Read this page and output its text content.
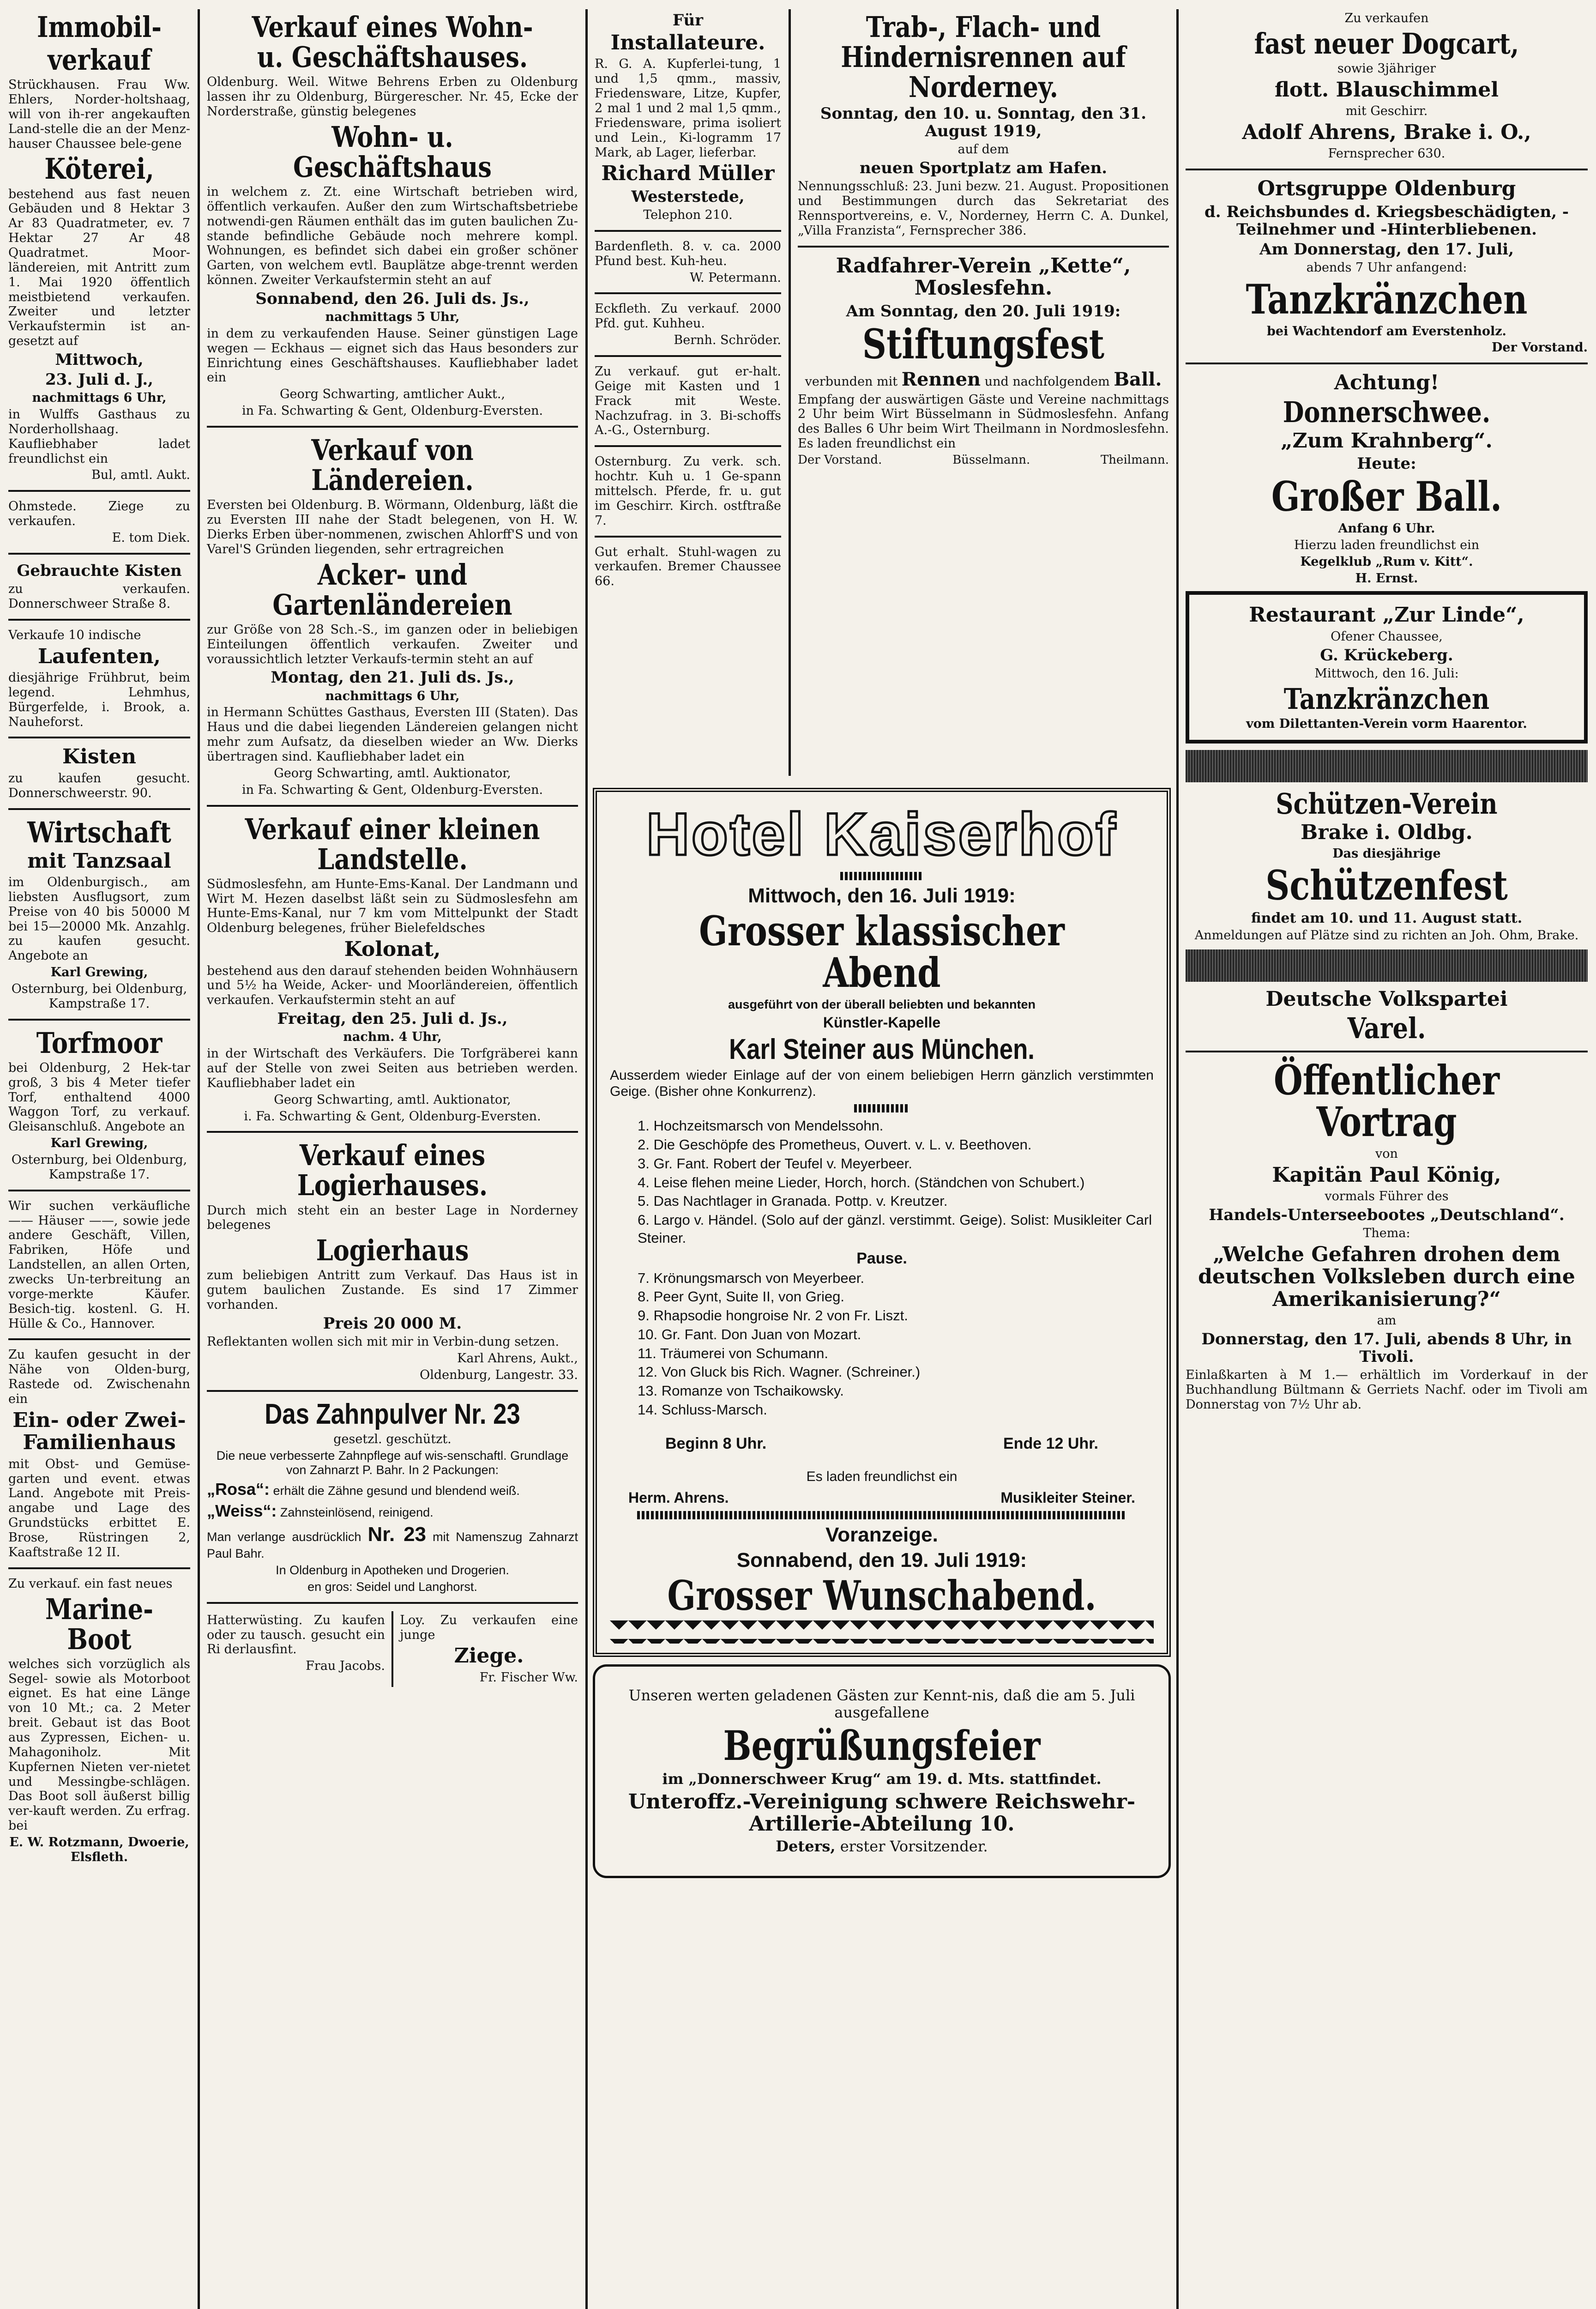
Immobil-
verkauf

Strückhausen. Frau Ww. Ehlers, Norder-holtshaag, will von ih-rer angekauften Land-stelle die an der Menz-hauser Chaussee bele-gene

Köterei,

bestehend aus fast neuen Gebäuden und 8 Hektar 3 Ar 83 Quadratmeter, ev. 7 Hektar 27 Ar 48 Quadratmet. Moor-ländereien, mit Antritt zum 1. Mai 1920 öffentlich meistbietend verkaufen. Zweiter und letzter Verkaufstermin ist an-gesetzt auf

Mittwoch,
23. Juli d. J.,

nachmittags 6 Uhr,

in Wulffs Gasthaus zu Norderhollshaag. Kaufliebhaber ladet freundlichst ein

Bul, amtl. Aukt.

Ohmstede. Ziege zu verkaufen.

E. tom Diek.

Gebrauchte Kisten

zu verkaufen. Donnerschweer Straße 8.

Verkaufe 10 indische

Laufenten,

diesjährige Frühbrut, beim legend. Lehmhus, Bürgerfelde, i. Brook, a. Nauheforst.

Kisten

zu kaufen gesucht. Donnerschweerstr. 90.

Wirtschaft
mit Tanzsaal

im Oldenburgisch., am liebsten Ausflugsort, zum Preise von 40 bis 50000 M bei 15—20000 Mk. Anzahlg. zu kaufen gesucht. Angebote an

Karl Grewing,

Osternburg, bei Oldenburg, Kampstraße 17.

Torfmoor

bei Oldenburg, 2 Hek-tar groß, 3 bis 4 Meter tiefer Torf, enthaltend 4000 Waggon Torf, zu verkauf. Gleisanschluß. Angebote an

Karl Grewing,

Osternburg, bei Oldenburg, Kampstraße 17.

Wir suchen verkäufliche —— Häuser ——, sowie jede andere Geschäft, Villen, Fabriken, Höfe und Landstellen, an allen Orten, zwecks Un-terbreitung an vorge-merkte Käufer. Besich-tig. kostenl. G. H. Hülle & Co., Hannover.

Zu kaufen gesucht in der Nähe von Olden-burg, Rastede od. Zwischenahn ein

Ein- oder Zwei-Familienhaus

mit Obst- und Gemüse-garten und event. etwas Land. Angebote mit Preis-angabe und Lage des Grundstücks erbittet E. Brose, Rüstringen 2, Kaaftstraße 12 II.

Zu verkauf. ein fast neues

Marine-Boot

welches sich vorzüglich als Segel- sowie als Motorboot eignet. Es hat eine Länge von 10 Mt.; ca. 2 Meter breit. Gebaut ist das Boot aus Zypressen, Eichen- u. Mahagoniholz. Mit Kupfernen Nieten ver-nietet und Messingbe-schlägen. Das Boot soll äußerst billig ver-kauft werden. Zu erfrag. bei

E. W. Rotzmann, Dwoerie, Elsfleth.

Verkauf eines Wohn- u. Geschäftshauses.

Oldenburg. Weil. Witwe Behrens Erben zu Oldenburg lassen ihr zu Oldenburg, Bürgerescher. Nr. 45, Ecke der Norderstraße, günstig belegenes

Wohn- u. Geschäftshaus

in welchem z. Zt. eine Wirtschaft betrieben wird, öffentlich verkaufen. Außer den zum Wirtschaftsbetriebe notwendi-gen Räumen enthält das im guten baulichen Zu-stande befindliche Gebäude noch mehrere kompl. Wohnungen, es befindet sich dabei ein großer schöner Garten, von welchem evtl. Bauplätze abge-trennt werden können. Zweiter Verkaufstermin steht an auf

Sonnabend, den 26. Juli ds. Js.,

nachmittags 5 Uhr,

in dem zu verkaufenden Hause. Seiner günstigen Lage wegen — Eckhaus — eignet sich das Haus besonders zur Einrichtung eines Geschäftshauses. Kaufliebhaber ladet ein

Georg Schwarting, amtlicher Aukt.,

in Fa. Schwarting & Gent, Oldenburg-Eversten.

Verkauf von Ländereien.

Eversten bei Oldenburg. B. Wörmann, Oldenburg, läßt die zu Eversten III nahe der Stadt belegenen, von H. W. Dierks Erben über-nommenen, zwischen Ahlorff'S und von Varel'S Gründen liegenden, sehr ertragreichen

Acker- und Gartenländereien

zur Größe von 28 Sch.-S., im ganzen oder in beliebigen Einteilungen öffentlich verkaufen. Zweiter und voraussichtlich letzter Verkaufs-termin steht an auf

Montag, den 21. Juli ds. Js.,

nachmittags 6 Uhr,

in Hermann Schüttes Gasthaus, Eversten III (Staten). Das Haus und die dabei liegenden Ländereien gelangen nicht mehr zum Aufsatz, da dieselben wieder an Ww. Dierks übertragen sind. Kaufliebhaber ladet ein

Georg Schwarting, amtl. Auktionator,

in Fa. Schwarting & Gent, Oldenburg-Eversten.

Verkauf einer kleinen Landstelle.

Südmoslesfehn, am Hunte-Ems-Kanal. Der Landmann und Wirt M. Hezen daselbst läßt sein zu Südmoslesfehn am Hunte-Ems-Kanal, nur 7 km vom Mittelpunkt der Stadt Oldenburg belegenes, früher Bielefeldsches

Kolonat,

bestehend aus den darauf stehenden beiden Wohnhäusern und 5½ ha Weide, Acker- und Moorländereien, öffentlich verkaufen. Verkaufstermin steht an auf

Freitag, den 25. Juli d. Js.,

nachm. 4 Uhr,

in der Wirtschaft des Verkäufers. Die Torfgräberei kann auf der Stelle von zwei Seiten aus betrieben werden. Kaufliebhaber ladet ein

Georg Schwarting, amtl. Auktionator,

i. Fa. Schwarting & Gent, Oldenburg-Eversten.

Verkauf eines Logierhauses.

Durch mich steht ein an bester Lage in Norderney belegenes

Logierhaus

zum beliebigen Antritt zum Verkauf. Das Haus ist in gutem baulichen Zustande. Es sind 17 Zimmer vorhanden.

Preis 20 000 M.

Reflektanten wollen sich mit mir in Verbin-dung setzen.

Karl Ahrens, Aukt.,

Oldenburg, Langestr. 33.

Das Zahnpulver Nr. 23

gesetzl. geschützt.

Die neue verbesserte Zahnpflege auf wis-senschaftl. Grundlage von Zahnarzt P. Bahr. In 2 Packungen:

„Rosa“: erhält die Zähne gesund und blendend weiß.

„Weiss“: Zahnsteinlösend, reinigend.

Man verlange ausdrücklich Nr. 23 mit Namenszug Zahnarzt Paul Bahr.

In Oldenburg in Apotheken und Drogerien.

en gros: Seidel und Langhorst.

Hatterwüsting. Zu kaufen oder zu tausch. gesucht ein Ri derlausfint.

Frau Jacobs.

Loy. Zu verkaufen eine junge

Ziege.

Fr. Fischer Ww.

Für
Installateure.

R. G. A. Kupferlei-tung, 1 und 1,5 qmm., massiv, Friedensware, Litze, Kupfer, 2 mal 1 und 2 mal 1,5 qmm., Friedensware, prima isoliert und Lein., Ki-logramm 17 Mark, ab Lager, lieferbar.

Richard Müller
Westerstede,

Telephon 210.

Bardenfleth. 8. v. ca. 2000 Pfund best. Kuh-heu.

W. Petermann.

Eckfleth. Zu verkauf. 2000 Pfd. gut. Kuhheu.

Bernh. Schröder.

Zu verkauf. gut er-halt. Geige mit Kasten und 1 Frack mit Weste. Nachzufrag. in 3. Bi-schoffs A.-G., Osternburg.

Osternburg. Zu verk. sch. hochtr. Kuh u. 1 Ge-spann mittelsch. Pferde, fr. u. gut im Geschirr. Kirch. ostftraße 7.

Gut erhalt. Stuhl-wagen zu verkaufen. Bremer Chaussee 66.

Trab-, Flach- und Hindernisrennen auf Norderney.
Sonntag, den 10. u. Sonntag, den 31. August 1919,

auf dem

neuen Sportplatz am Hafen.

Nennungsschluß: 23. Juni bezw. 21. August. Propositionen und Bestimmungen durch das Sekretariat des Rennsportvereins, e. V., Norderney, Herrn C. A. Dunkel, „Villa Franzista“, Fernsprecher 386.

Radfahrer-Verein „Kette“, Moslesfehn.
Am Sonntag, den 20. Juli 1919:
Stiftungsfest

verbunden mit Rennen und nachfolgendem Ball.

Empfang der auswärtigen Gäste und Vereine nachmittags 2 Uhr beim Wirt Büsselmann in Südmoslesfehn. Anfang des Balles 6 Uhr beim Wirt Theilmann in Nordmoslesfehn. Es laden freundlichst ein

Der Vorstand.	Büsselmann.	Theilmann.
Hotel Kaiserhof
Mittwoch, den 16. Juli 1919:
Grosser klassischer Abend

ausgeführt von der überall beliebten und bekannten

Künstler-Kapelle

Karl Steiner aus München.

Ausserdem wieder Einlage auf der von einem beliebigen Herrn gänzlich verstimmten Geige. (Bisher ohne Konkurrenz).

1. Hochzeitsmarsch von Mendelssohn.
2. Die Geschöpfe des Prometheus, Ouvert. v. L. v. Beethoven.
3. Gr. Fant. Robert der Teufel v. Meyerbeer.
4. Leise flehen meine Lieder, Horch, horch. (Ständchen von Schubert.)
5. Das Nachtlager in Granada. Pottp. v. Kreutzer.
6. Largo v. Händel. (Solo auf der gänzl. verstimmt. Geige). Solist: Musikleiter Carl Steiner.

Pause.

7. Krönungsmarsch von Meyerbeer.
8. Peer Gynt, Suite II, von Grieg.
9. Rhapsodie hongroise Nr. 2 von Fr. Liszt.
10. Gr. Fant. Don Juan von Mozart.
11. Träumerei von Schumann.
12. Von Gluck bis Rich. Wagner. (Schreiner.)
13. Romanze von Tschaikowsky.
14. Schluss-Marsch.
Beginn 8 Uhr.	Ende 12 Uhr.

Es laden freundlichst ein

Herm. Ahrens.	Musikleiter Steiner.
Voranzeige.
Sonnabend, den 19. Juli 1919:
Grosser Wunschabend.

Unseren werten geladenen Gästen zur Kennt-nis, daß die am 5. Juli ausgefallene

Begrüßungsfeier

im „Donnerschweer Krug“ am 19. d. Mts. stattfindet.

Unteroffz.-Vereinigung schwere Reichswehr-Artillerie-Abteilung 10.

Deters, erster Vorsitzender.

Zu verkaufen

fast neuer Dogcart,

sowie 3jähriger

flott. Blauschimmel

mit Geschirr.

Adolf Ahrens, Brake i. O.,

Fernsprecher 630.

Ortsgruppe Oldenburg
d. Reichsbundes d. Kriegsbeschädigten, -Teilnehmer und -Hinterbliebenen.
Am Donnerstag, den 17. Juli,

abends 7 Uhr anfangend:

Tanzkränzchen

bei Wachtendorf am Everstenholz.

Der Vorstand.

Achtung!
Donnerschwee.
„Zum Krahnberg“.
Heute:
Großer Ball.

Anfang 6 Uhr.

Hierzu laden freundlichst ein

Kegelklub „Rum v. Kitt“.

H. Ernst.

Restaurant „Zur Linde“,

Ofener Chaussee,

G. Krückeberg.

Mittwoch, den 16. Juli:

Tanzkränzchen

vom Dilettanten-Verein vorm Haarentor.

Schützen-Verein
Brake i. Oldbg.

Das diesjährige

Schützenfest

findet am 10. und 11. August statt.

Anmeldungen auf Plätze sind zu richten an Joh. Ohm, Brake.

Deutsche Volkspartei
Varel.
Öffentlicher Vortrag

von

Kapitän Paul König,

vormals Führer des

Handels-Unterseebootes „Deutschland“.

Thema:

„Welche Gefahren drohen dem deutschen Volksleben durch eine Amerikanisierung?“

am

Donnerstag, den 17. Juli, abends 8 Uhr, in Tivoli.

Einlaßkarten à M 1.— erhältlich im Vorderkauf in der Buchhandlung Bültmann & Gerriets Nachf. oder im Tivoli am Donnerstag von 7½ Uhr ab.
